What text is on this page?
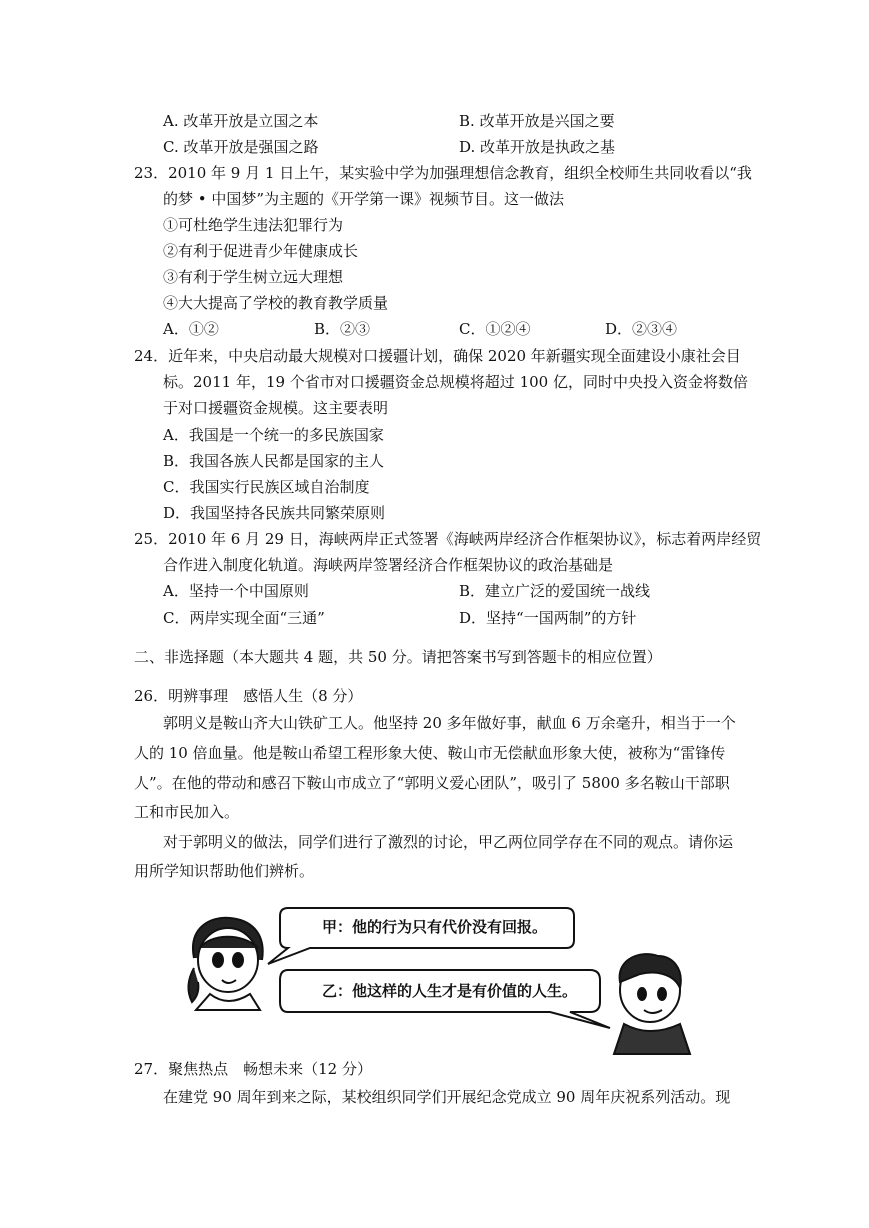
A. 改革开放是立国之本	B. 改革开放是兴国之要
C. 改革开放是强国之路	D. 改革开放是执政之基
23．2010 年 9 月 1 日上午，某实验中学为加强理想信念教育，组织全校师生共同收看以“我
的梦 • 中国梦”为主题的《开学第一课》视频节目。这一做法
①可杜绝学生违法犯罪行为
②有利于促进青少年健康成长
③有利于学生树立远大理想
④大大提高了学校的教育教学质量
A．①②	B．②③	C．①②④	D．②③④
24．近年来，中央启动最大规模对口援疆计划，确保 2020 年新疆实现全面建设小康社会目
标。2011 年，19 个省市对口援疆资金总规模将超过 100 亿，同时中央投入资金将数倍
于对口援疆资金规模。这主要表明
A．我国是一个统一的多民族国家
B．我国各族人民都是国家的主人
C．我国实行民族区域自治制度
D．我国坚持各民族共同繁荣原则
25．2010 年 6 月 29 日，海峡两岸正式签署《海峡两岸经济合作框架协议》，标志着两岸经贸
合作进入制度化轨道。海峡两岸签署经济合作框架协议的政治基础是
A．坚持一个中国原则	B．建立广泛的爱国统一战线
C．两岸实现全面“三通”	D．坚持“一国两制”的方针
二、非选择题（本大题共 4 题，共 50 分。请把答案书写到答题卡的相应位置）
26．明辨事理　感悟人生（8 分）
郭明义是鞍山齐大山铁矿工人。他坚持 20 多年做好事，献血 6 万余毫升，相当于一个
人的 10 倍血量。他是鞍山希望工程形象大使、鞍山市无偿献血形象大使，被称为“雷锋传
人”。在他的带动和感召下鞍山市成立了“郭明义爱心团队”，吸引了 5800 多名鞍山干部职
工和市民加入。
对于郭明义的做法，同学们进行了激烈的讨论，甲乙两位同学存在不同的观点。请你运
用所学知识帮助他们辨析。
甲：他的行为只有代价没有回报。
乙：他这样的人生才是有价值的人生。
27．聚焦热点　畅想未来（12 分）
在建党 90 周年到来之际，某校组织同学们开展纪念党成立 90 周年庆祝系列活动。现
